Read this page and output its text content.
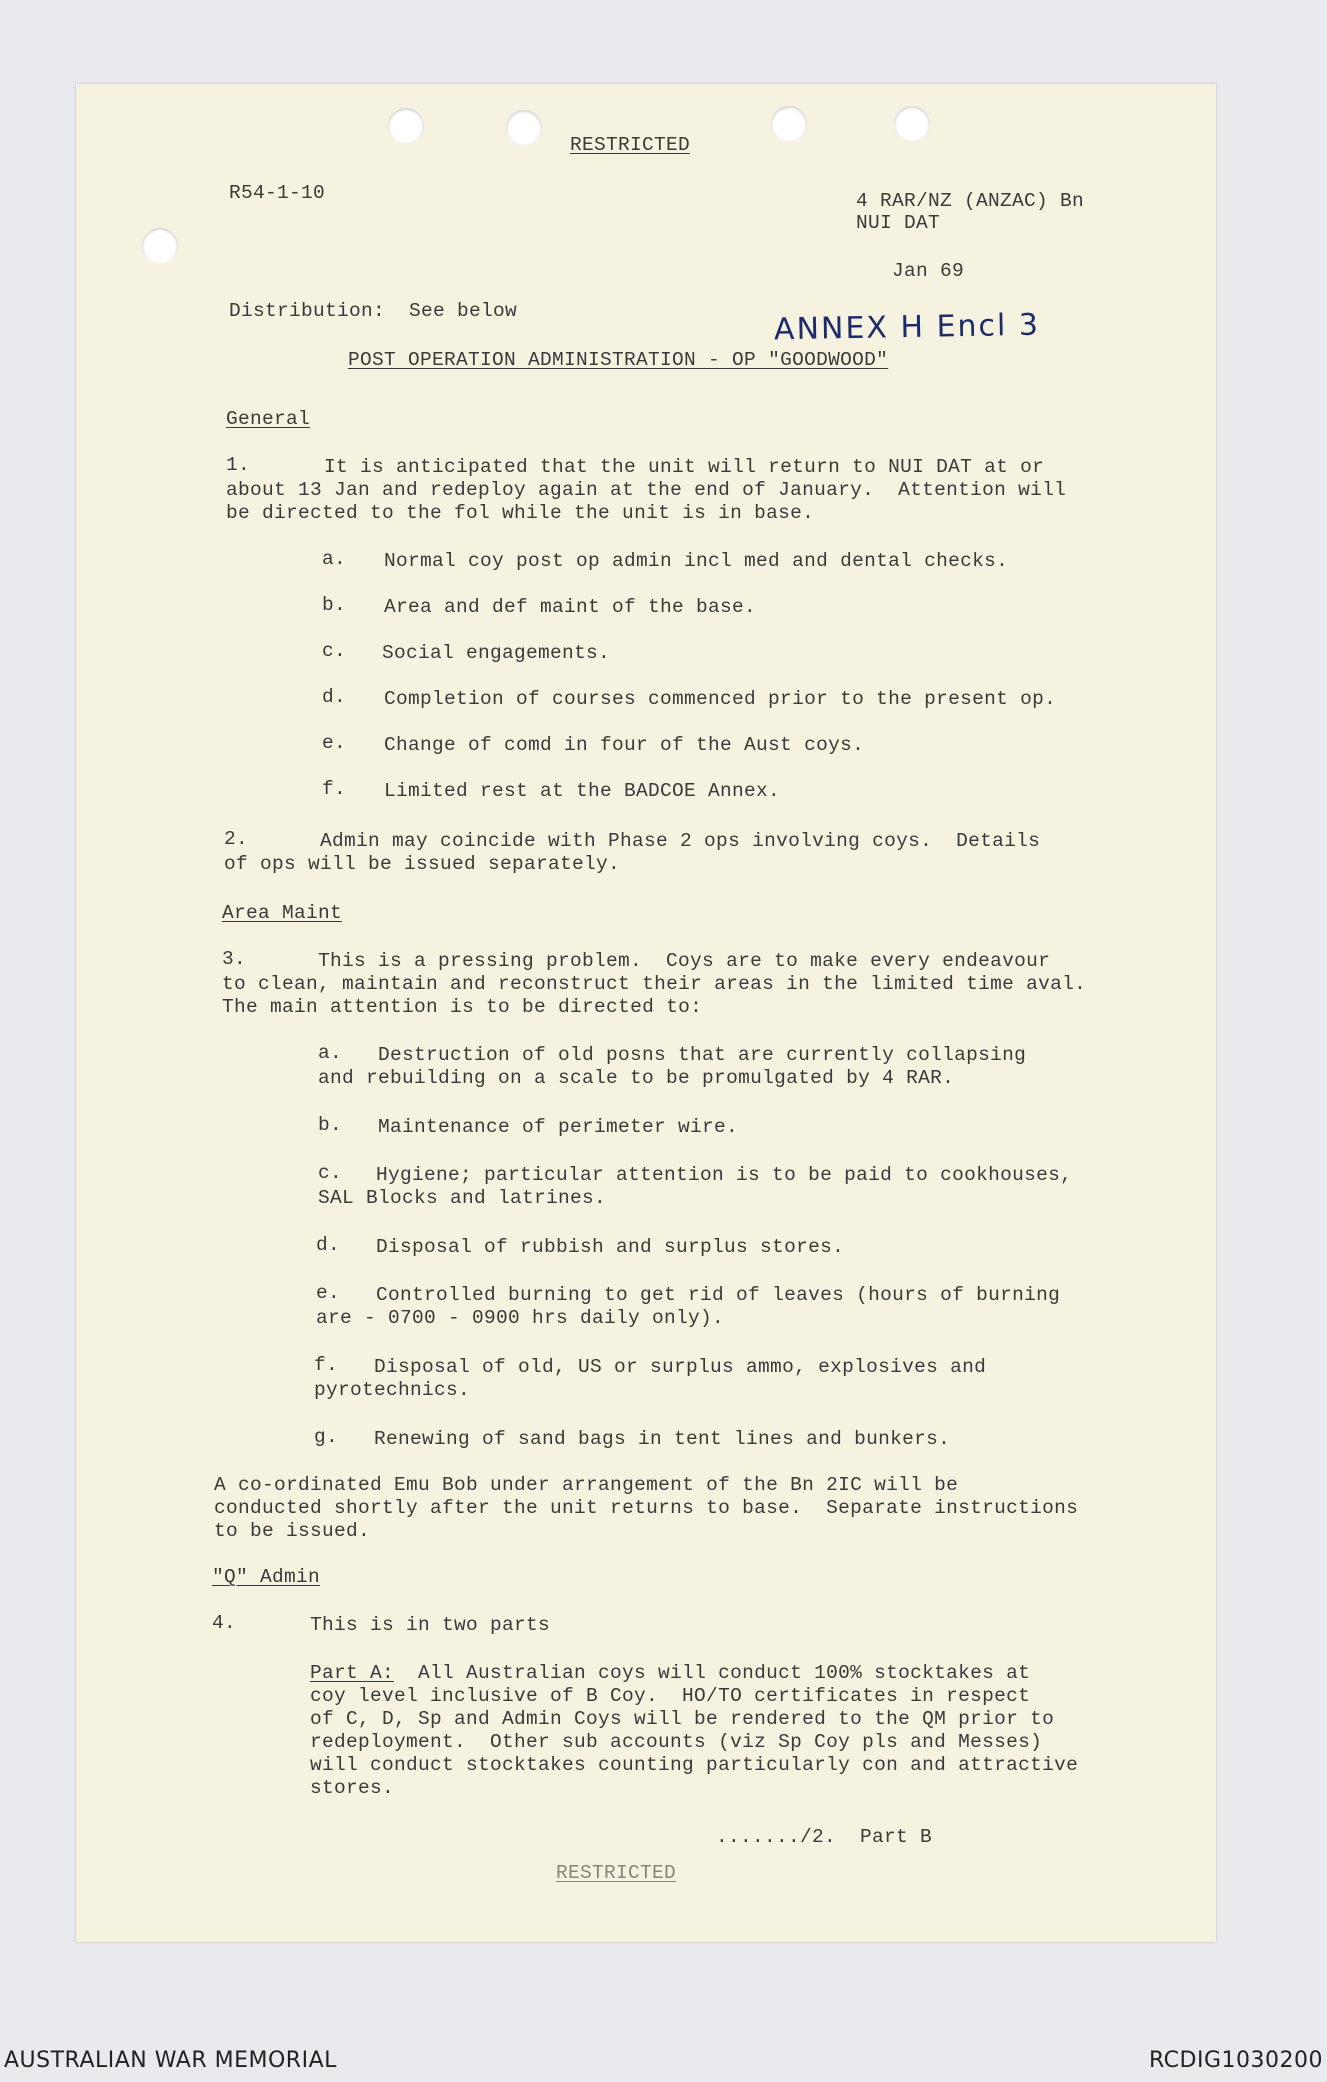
RESTRICTED
R54-1-10	4 RAR/NZ (ANZAC) Bn
NUI DAT
Jan 69
Distribution:  See below	ANNEX H Encl 3
POST OPERATION ADMINISTRATION - OP "GOODWOOD"
General
1.	It is anticipated that the unit will return to NUI DAT at or
about 13 Jan and redeploy again at the end of January.  Attention will
be directed to the fol while the unit is in base.
a. Normal coy post op admin incl med and dental checks.
b. Area and def maint of the base.
c. Social engagements.
d. Completion of courses commenced prior to the present op.
e. Change of comd in four of the Aust coys.
f. Limited rest at the BADCOE Annex.
2.	Admin may coincide with Phase 2 ops involving coys.  Details
of ops will be issued separately.
Area Maint
3.	This is a pressing problem.  Coys are to make every endeavour
to clean, maintain and reconstruct their areas in the limited time aval.
The main attention is to be directed to:
a. Destruction of old posns that are currently collapsing
and rebuilding on a scale to be promulgated by 4 RAR.
b. Maintenance of perimeter wire.
c. Hygiene; particular attention is to be paid to cookhouses,
SAL Blocks and latrines.
d. Disposal of rubbish and surplus stores.
e. Controlled burning to get rid of leaves (hours of burning
are - 0700 - 0900 hrs daily only).
f. Disposal of old, US or surplus ammo, explosives and
pyrotechnics.
g. Renewing of sand bags in tent lines and bunkers.
A co-ordinated Emu Bob under arrangement of the Bn 2IC will be
conducted shortly after the unit returns to base.  Separate instructions
to be issued.
"Q" Admin
4.	This is in two parts
Part A:  All Australian coys will conduct 100% stocktakes at
coy level inclusive of B Coy.  HO/TO certificates in respect
of C, D, Sp and Admin Coys will be rendered to the QM prior to
redeployment.  Other sub accounts (viz Sp Coy pls and Messes)
will conduct stocktakes counting particularly con and attractive
stores.
......./2.  Part B
RESTRICTED
AUSTRALIAN WAR MEMORIAL	RCDIG1030200
